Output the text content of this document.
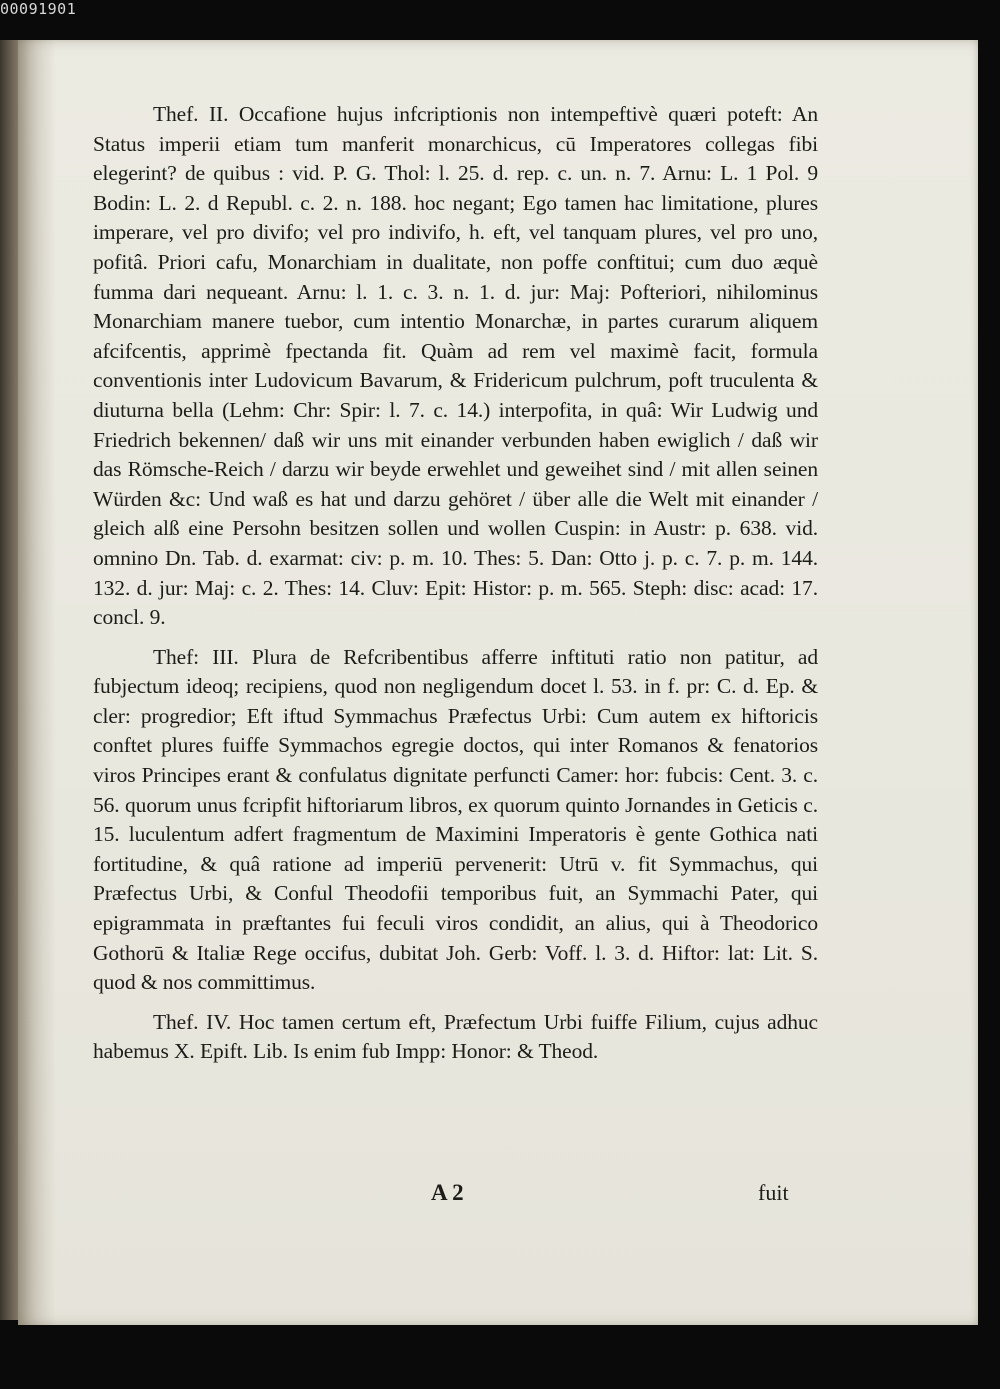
00091901

Thef. II. Occafione hujus infcriptionis non intempeftivè quæri poteft: An Status imperii etiam tum manferit monarchicus, cū Imperatores collegas fibi elegerint? de quibus : vid. P. G. Thol: l. 25. d. rep. c. un. n. 7. Arnu: L. 1 Pol. 9 Bodin: L. 2. d Republ. c. 2. n. 188. hoc negant; Ego tamen hac limitatione, plures imperare, vel pro divifo; vel pro indivifo, h. eft, vel tanquam plures, vel pro uno, pofitâ. Priori cafu, Monarchiam in dualitate, non poffe conftitui; cum duo æquè fumma dari nequeant. Arnu: l. 1. c. 3. n. 1. d. jur: Maj: Pofteriori, nihilominus Monarchiam manere tuebor, cum intentio Monarchæ, in partes curarum aliquem afcifcentis, apprimè fpectanda fit. Quàm ad rem vel maximè facit, formula conventionis inter Ludovicum Bavarum, & Fridericum pulchrum, poft truculenta & diuturna bella (Lehm: Chr: Spir: l. 7. c. 14.) interpofita, in quâ: Wir Ludwig und Friedrich bekennen/ daß wir uns mit einander verbunden haben ewiglich / daß wir das Römsche-Reich / darzu wir beyde erwehlet und geweihet sind / mit allen seinen Würden &c: Und waß es hat und darzu gehöret / über alle die Welt mit einander / gleich alß eine Persohn besitzen sollen und wollen Cuspin: in Austr: p. 638. vid. omnino Dn. Tab. d. exarmat: civ: p. m. 10. Thes: 5. Dan: Otto j. p. c. 7. p. m. 144. 132. d. jur: Maj: c. 2. Thes: 14. Cluv: Epit: Histor: p. m. 565. Steph: disc: acad: 17. concl. 9.

Thef: III. Plura de Refcribentibus afferre inftituti ratio non patitur, ad fubjectum ideoq; recipiens, quod non negligendum docet l. 53. in f. pr: C. d. Ep. & cler: progredior; Eft iftud Symmachus Præfectus Urbi: Cum autem ex hiftoricis conftet plures fuiffe Symmachos egregie doctos, qui inter Romanos & fenatorios viros Principes erant & confulatus dignitate perfuncti Camer: hor: fubcis: Cent. 3. c. 56. quorum unus fcripfit hiftoriarum libros, ex quorum quinto Jornandes in Geticis c. 15. luculentum adfert fragmentum de Maximini Imperatoris è gente Gothica nati fortitudine, & quâ ratione ad imperiū pervenerit: Utrū v. fit Symmachus, qui Præfectus Urbi, & Conful Theodofii temporibus fuit, an Symmachi Pater, qui epigrammata in præftantes fui feculi viros condidit, an alius, qui à Theodorico Gothorū & Italiæ Rege occifus, dubitat Joh. Gerb: Voff. l. 3. d. Hiftor: lat: Lit. S. quod & nos committimus.

Thef. IV. Hoc tamen certum eft, Præfectum Urbi fuiffe Filium, cujus adhuc habemus X. Epift. Lib. Is enim fub Impp: Honor: & Theod.

A 2	fuit
